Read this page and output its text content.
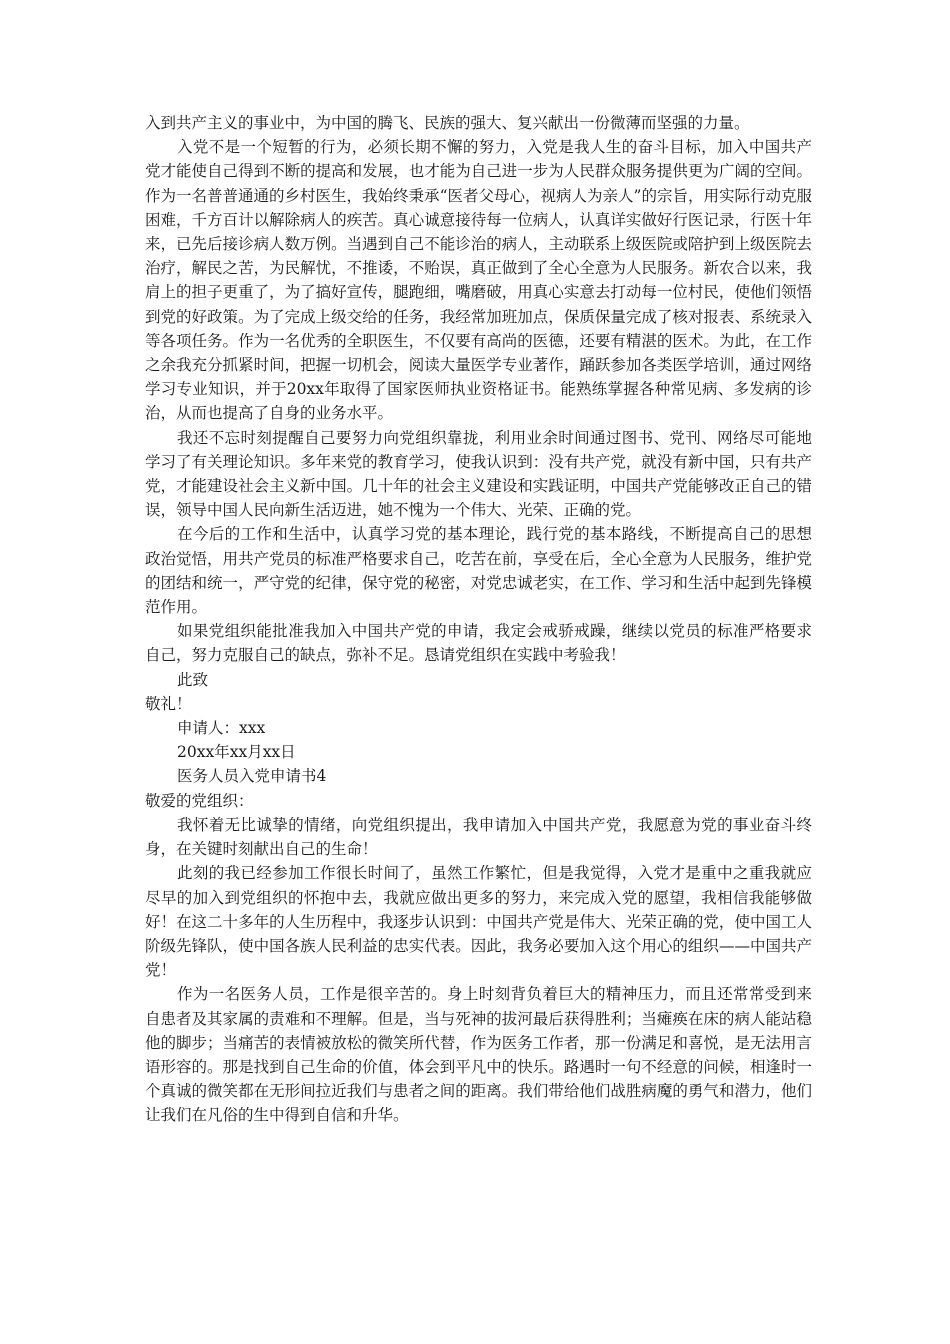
入到共产主义的事业中，为中国的腾飞、民族的强大、复兴献出一份微薄而坚强的力量。

入党不是一个短暂的行为，必须长期不懈的努力，入党是我人生的奋斗目标，加入中国共产党才能使自己得到不断的提高和发展，也才能为自己进一步为人民群众服务提供更为广阔的空间。作为一名普普通通的乡村医生，我始终秉承“医者父母心，视病人为亲人”的宗旨，用实际行动克服困难，千方百计以解除病人的疾苦。真心诚意接待每一位病人，认真详实做好行医记录，行医十年来，已先后接诊病人数万例。当遇到自己不能诊治的病人，主动联系上级医院或陪护到上级医院去治疗，解民之苦，为民解忧，不推诿，不贻误，真正做到了全心全意为人民服务。新农合以来，我肩上的担子更重了，为了搞好宣传，腿跑细，嘴磨破，用真心实意去打动每一位村民，使他们领悟到党的好政策。为了完成上级交给的任务，我经常加班加点，保质保量完成了核对报表、系统录入等各项任务。作为一名优秀的全职医生，不仅要有高尚的医德，还要有精湛的医术。为此，在工作之余我充分抓紧时间，把握一切机会，阅读大量医学专业著作，踊跃参加各类医学培训，通过网络学习专业知识，并于20xx年取得了国家医师执业资格证书。能熟练掌握各种常见病、多发病的诊治，从而也提高了自身的业务水平。

我还不忘时刻提醒自己要努力向党组织靠拢，利用业余时间通过图书、党刊、网络尽可能地学习了有关理论知识。多年来党的教育学习，使我认识到：没有共产党，就没有新中国，只有共产党，才能建设社会主义新中国。几十年的社会主义建设和实践证明，中国共产党能够改正自己的错误，领导中国人民向新生活迈进，她不愧为一个伟大、光荣、正确的党。

在今后的工作和生活中，认真学习党的基本理论，践行党的基本路线，不断提高自己的思想政治觉悟，用共产党员的标准严格要求自己，吃苦在前，享受在后，全心全意为人民服务，维护党的团结和统一，严守党的纪律，保守党的秘密，对党忠诚老实，在工作、学习和生活中起到先锋模范作用。

如果党组织能批准我加入中国共产党的申请，我定会戒骄戒躁，继续以党员的标准严格要求自己，努力克服自己的缺点，弥补不足。恳请党组织在实践中考验我！

此致

敬礼！

申请人：xxx

20xx年xx月xx日

医务人员入党申请书4

敬爱的党组织：

我怀着无比诚挚的情绪，向党组织提出，我申请加入中国共产党，我愿意为党的事业奋斗终身，在关键时刻献出自己的生命！

此刻的我已经参加工作很长时间了，虽然工作繁忙，但是我觉得，入党才是重中之重我就应尽早的加入到党组织的怀抱中去，我就应做出更多的努力，来完成入党的愿望，我相信我能够做好！在这二十多年的人生历程中，我逐步认识到：中国共产党是伟大、光荣正确的党，使中国工人阶级先锋队，使中国各族人民利益的忠实代表。因此，我务必要加入这个用心的组织——中国共产党！

作为一名医务人员，工作是很辛苦的。身上时刻背负着巨大的精神压力，而且还常常受到来自患者及其家属的责难和不理解。但是，当与死神的拔河最后获得胜利；当瘫痪在床的病人能站稳他的脚步；当痛苦的表情被放松的微笑所代替，作为医务工作者，那一份满足和喜悦，是无法用言语形容的。那是找到自己生命的价值，体会到平凡中的快乐。路遇时一句不经意的问候，相逢时一个真诚的微笑都在无形间拉近我们与患者之间的距离。我们带给他们战胜病魔的勇气和潜力，他们让我们在凡俗的生中得到自信和升华。
